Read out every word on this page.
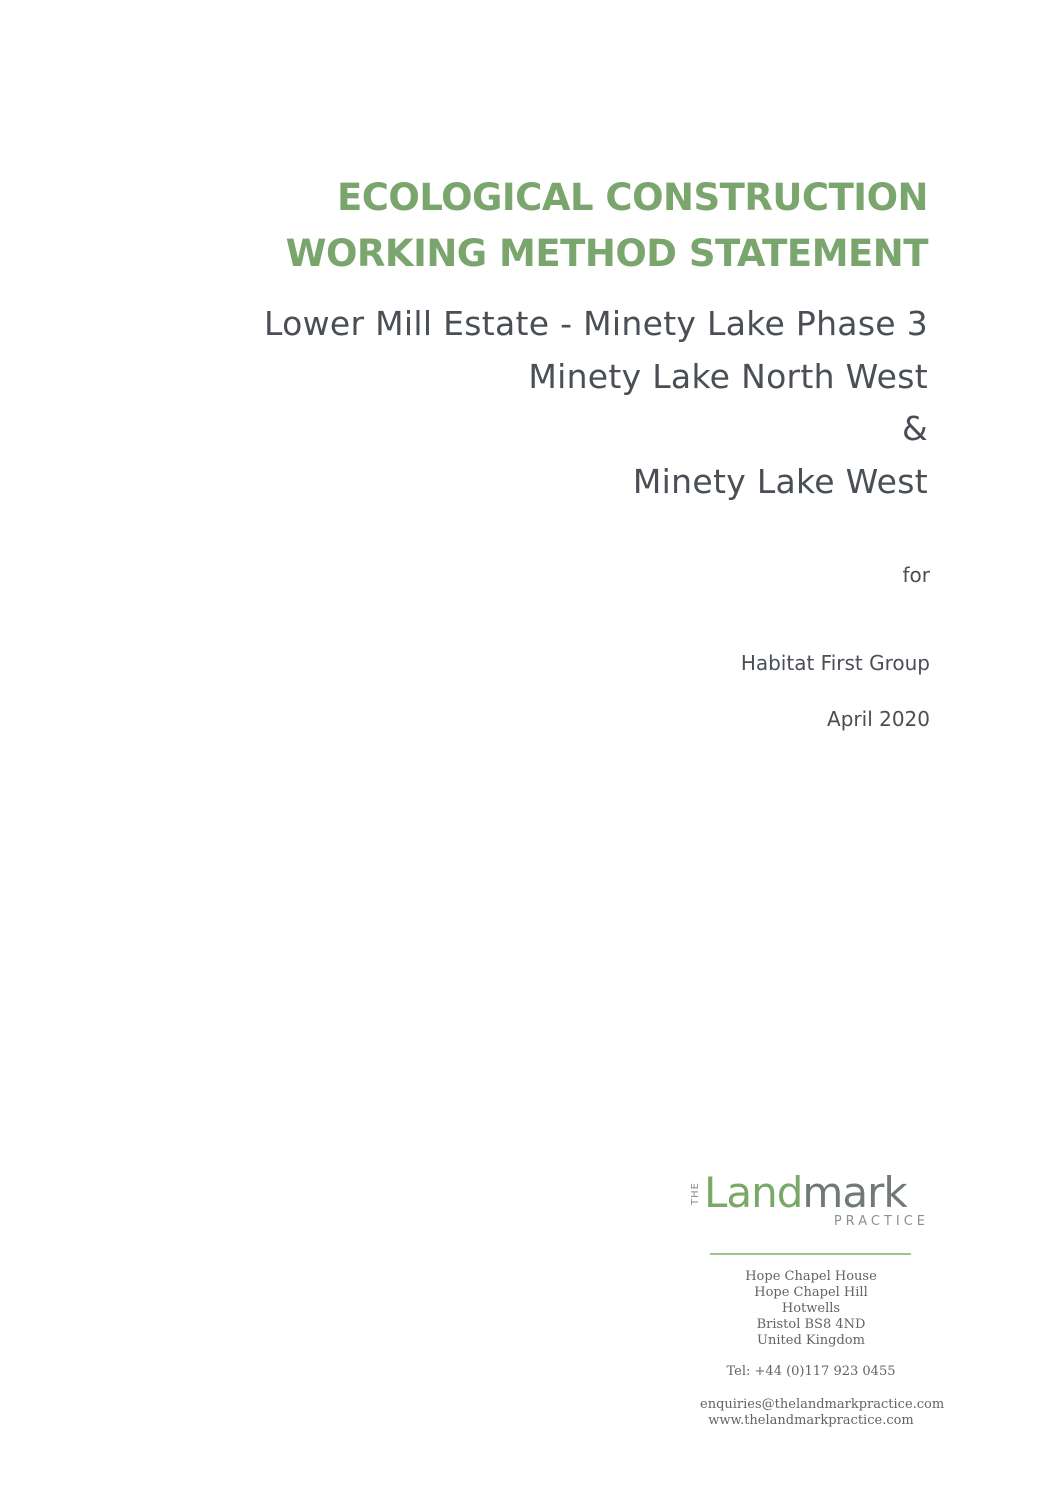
ECOLOGICAL CONSTRUCTION

WORKING METHOD STATEMENT

Lower Mill Estate - Minety Lake Phase 3
Minety Lake North West
&
Minety Lake West
for
Habitat First Group
April 2020
THE Landmark
PRACTICE
Hope Chapel House
Hope Chapel Hill
Hotwells
Bristol BS8 4ND
United Kingdom
Tel: +44 (0)117 923 0455
enquiries@thelandmarkpractice.com
www.thelandmarkpractice.com
